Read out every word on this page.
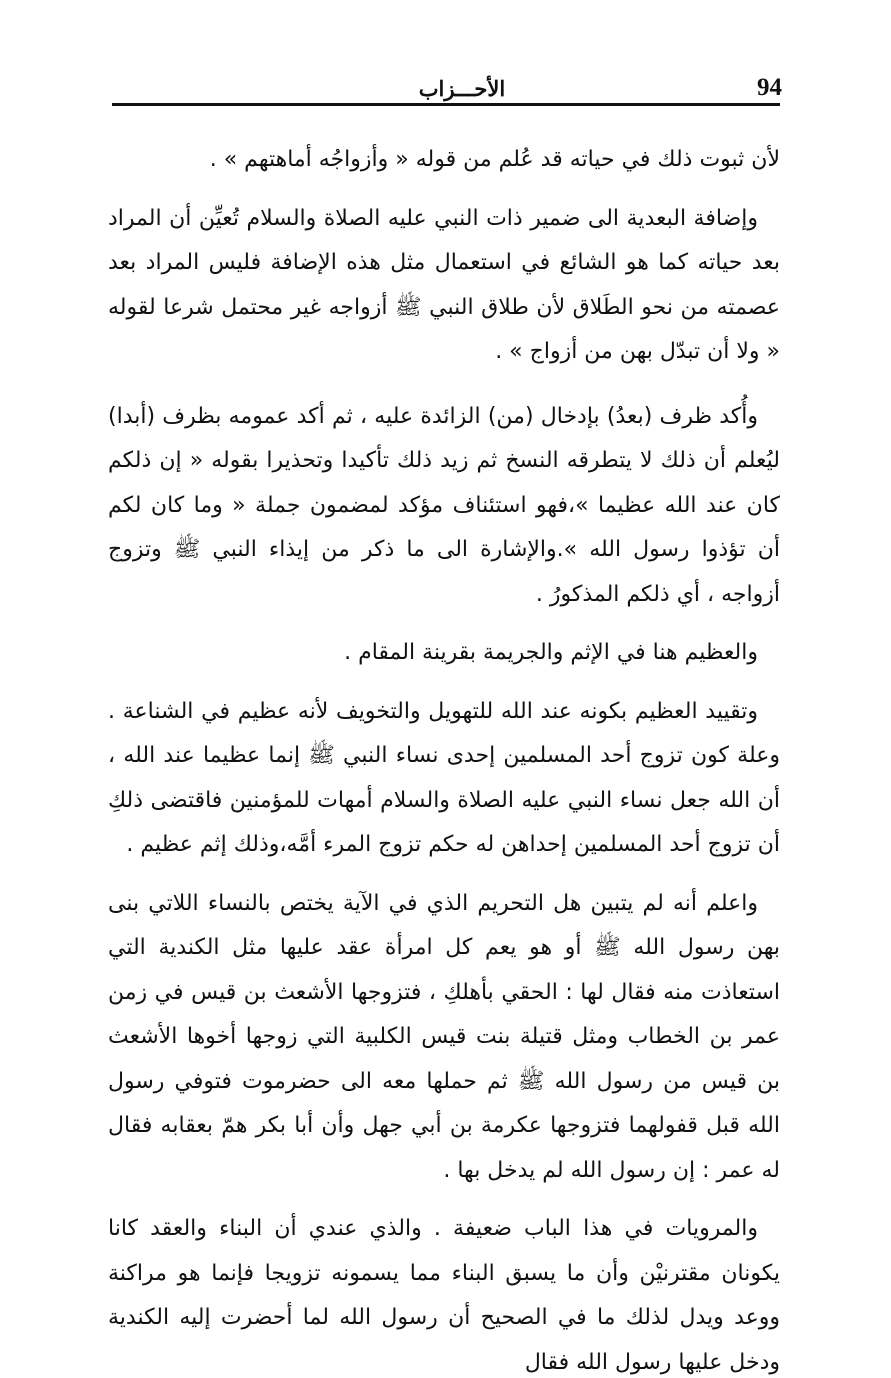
الأحـــزاب	94

لأن ثبوت ذلك في حياته قد عُلم من قوله « وأزواجُه أماهتهم » .

وإضافة البعدية الى ضمير ذات النبي عليه الصلاة والسلام تُعيِّن أن المراد بعد حياته كما هو الشائع في استعمال مثل هذه الإضافة فليس المراد بعد عصمته من نحو الطَلاق لأن طلاق النبي ﷺ أزواجه غير محتمل شرعا لقوله « ولا أن تبدّل بهن من أزواج » .

وأُكد ظرف (بعدُ) بإدخال (من) الزائدة عليه ، ثم أكد عمومه بظرف (أبدا) ليُعلم أن ذلك لا يتطرقه النسخ ثم زيد ذلك تأكيدا وتحذيرا بقوله « إن ذلكم كان عند الله عظيما »،فهو استئناف مؤكد لمضمون جملة « وما كان لكم أن تؤذوا رسول الله ».والإشارة الى ما ذكر من إيذاء النبي ﷺ وتزوج أزواجه ، أي ذلكم المذكورُ .

والعظيم هنا في الإثم والجريمة بقرينة المقام .

وتقييد العظيم بكونه عند الله للتهويل والتخويف لأنه عظيم في الشناعة . وعلة كون تزوج أحد المسلمين إحدى نساء النبي ﷺ إنما عظيما عند الله ، أن الله جعل نساء النبي عليه الصلاة والسلام أمهات للمؤمنين فاقتضى ذلكِ أن تزوج أحد المسلمين إحداهن له حكم تزوج المرء أمَّه،وذلك إثم عظيم .

واعلم أنه لم يتبين هل التحريم الذي في الآية يختص بالنساء اللاتي بنى بهن رسول الله ﷺ أو هو يعم كل امرأة عقد عليها مثل الكندية التي استعاذت منه فقال لها : الحقي بأهلكِ ، فتزوجها الأشعث بن قيس في زمن عمر بن الخطاب ومثل قتيلة بنت قيس الكلبية التي زوجها أخوها الأشعث بن قيس من رسول الله ﷺ ثم حملها معه الى حضرموت فتوفي رسول الله قبل قفولهما فتزوجها عكرمة بن أبي جهل وأن أبا بكر همّ بعقابه فقال له عمر : إن رسول الله لم يدخل بها .

والمرويات في هذا الباب ضعيفة . والذي عندي أن البناء والعقد كانا يكونان مقترنيْن وأن ما يسبق البناء مما يسمونه تزويجا فإنما هو مراكنة ووعد ويدل لذلك ما في الصحيح أن رسول الله لما أحضرت إليه الكندية ودخل عليها رسول الله فقال
